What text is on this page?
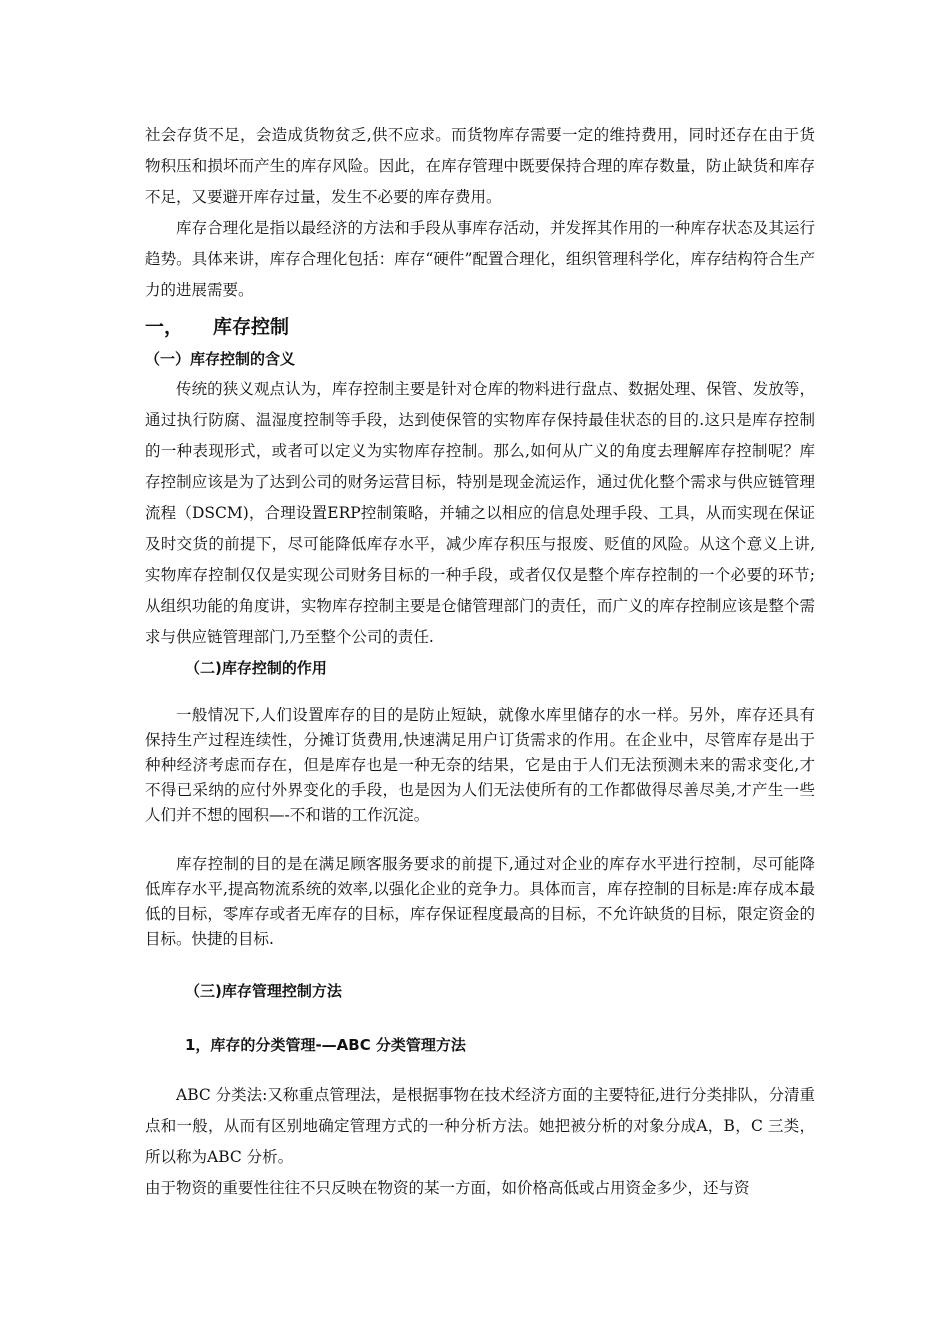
社会存货不足，会造成货物贫乏,供不应求。而货物库存需要一定的维持费用，同时还存在由于货物积压和损坏而产生的库存风险。因此，在库存管理中既要保持合理的库存数量，防止缺货和库存不足，又要避开库存过量，发生不必要的库存费用。

库存合理化是指以最经济的方法和手段从事库存活动，并发挥其作用的一种库存状态及其运行趋势。具体来讲，库存合理化包括：库存“硬件”配置合理化，组织管理科学化，库存结构符合生产力的进展需要。

一，	库存控制
（一）库存控制的含义

传统的狭义观点认为，库存控制主要是针对仓库的物料进行盘点、数据处理、保管、发放等，通过执行防腐、温湿度控制等手段，达到使保管的实物库存保持最佳状态的目的.这只是库存控制的一种表现形式，或者可以定义为实物库存控制。那么,如何从广义的角度去理解库存控制呢？库存控制应该是为了达到公司的财务运营目标，特别是现金流运作，通过优化整个需求与供应链管理流程（DSCM)，合理设置ERP控制策略，并辅之以相应的信息处理手段、工具，从而实现在保证及时交货的前提下，尽可能降低库存水平，减少库存积压与报废、贬值的风险。从这个意义上讲,实物库存控制仅仅是实现公司财务目标的一种手段，或者仅仅是整个库存控制的一个必要的环节;从组织功能的角度讲，实物库存控制主要是仓储管理部门的责任，而广义的库存控制应该是整个需求与供应链管理部门,乃至整个公司的责任.

（二)库存控制的作用

一般情况下,人们设置库存的目的是防止短缺，就像水库里储存的水一样。另外，库存还具有保持生产过程连续性，分摊订货费用,快速满足用户订货需求的作用。在企业中，尽管库存是出于种种经济考虑而存在，但是库存也是一种无奈的结果，它是由于人们无法预测未来的需求变化,才不得已采纳的应付外界变化的手段，也是因为人们无法使所有的工作都做得尽善尽美,才产生一些人们并不想的囤积—-不和谐的工作沉淀。

库存控制的目的是在满足顾客服务要求的前提下,通过对企业的库存水平进行控制，尽可能降低库存水平,提高物流系统的效率,以强化企业的竞争力。具体而言，库存控制的目标是:库存成本最低的目标，零库存或者无库存的目标，库存保证程度最高的目标，不允许缺货的目标，限定资金的目标。快捷的目标.

（三)库存管理控制方法
1，库存的分类管理-—ABC 分类管理方法

ABC 分类法:又称重点管理法，是根据事物在技术经济方面的主要特征,进行分类排队，分清重点和一般，从而有区别地确定管理方式的一种分析方法。她把被分析的对象分成A，B，C 三类，所以称为ABC 分析。

由于物资的重要性往往不只反映在物资的某一方面，如价格高低或占用资金多少，还与资
